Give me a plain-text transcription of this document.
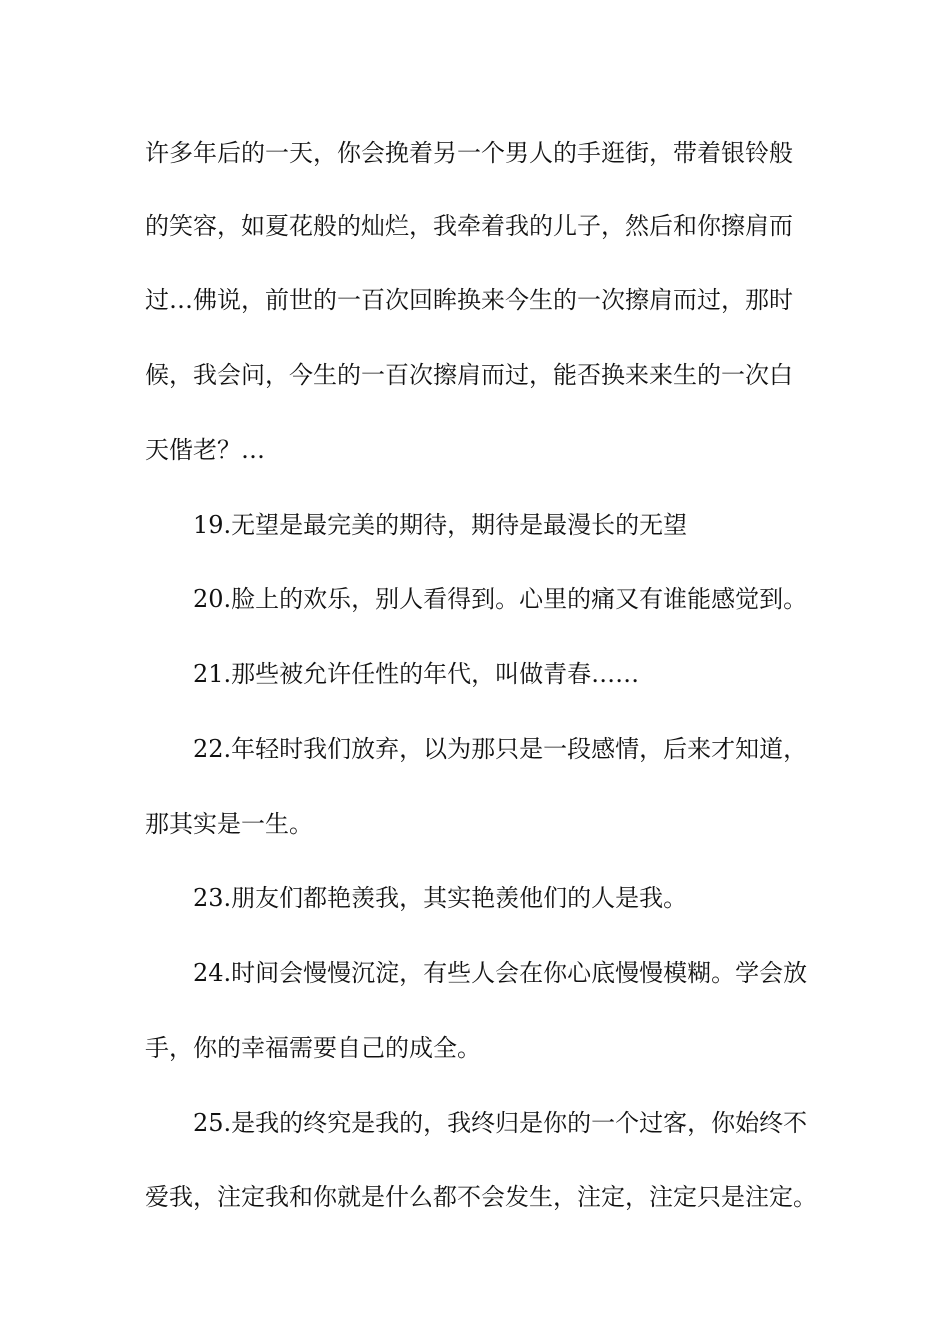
许多年后的一天，你会挽着另一个男人的手逛街，带着银铃般
的笑容，如夏花般的灿烂，我牵着我的儿子，然后和你擦肩而
过…佛说，前世的一百次回眸换来今生的一次擦肩而过，那时
候，我会问，今生的一百次擦肩而过，能否换来来生的一次白
天偕老？…
19.无望是最完美的期待，期待是最漫长的无望
20.脸上的欢乐，别人看得到。心里的痛又有谁能感觉到。
21.那些被允许任性的年代，叫做青春……
22.年轻时我们放弃，以为那只是一段感情，后来才知道，
那其实是一生。
23.朋友们都艳羡我，其实艳羡他们的人是我。
24.时间会慢慢沉淀，有些人会在你心底慢慢模糊。学会放
手，你的幸福需要自己的成全。
25.是我的终究是我的，我终归是你的一个过客，你始终不
爱我，注定我和你就是什么都不会发生，注定，注定只是注定。
